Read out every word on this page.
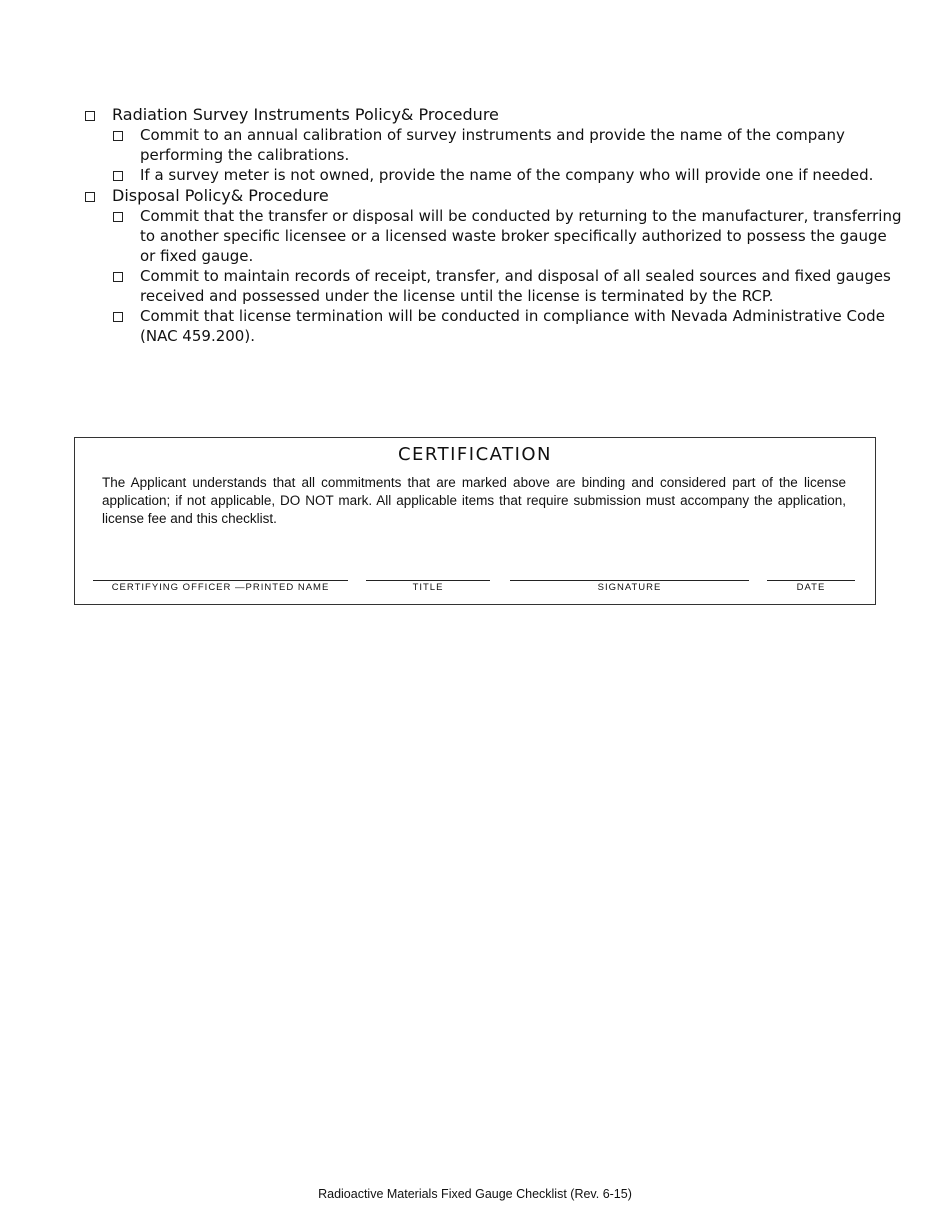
Radiation Survey Instruments Policy& Procedure
Commit to an annual calibration of survey instruments and provide the name of the company performing the calibrations.
If a survey meter is not owned, provide the name of the company who will provide one if needed.
Disposal Policy& Procedure
Commit that the transfer or disposal will be conducted by returning to the manufacturer, transferring to another specific licensee or a licensed waste broker specifically authorized to possess the gauge or fixed gauge.
Commit to maintain records of receipt, transfer, and disposal of all sealed sources and fixed gauges received and possessed under the license until the license is terminated by the RCP.
Commit that license termination will be conducted in compliance with Nevada Administrative Code (NAC 459.200).
CERTIFICATION
The Applicant understands that all commitments that are marked above are binding and considered part of the license application; if not applicable, DO NOT mark. All applicable items that require submission must accompany the application, license fee and this checklist.
CERTIFYING OFFICER —PRINTED NAME	TITLE	SIGNATURE	DATE
Radioactive Materials Fixed Gauge Checklist (Rev. 6-15)
